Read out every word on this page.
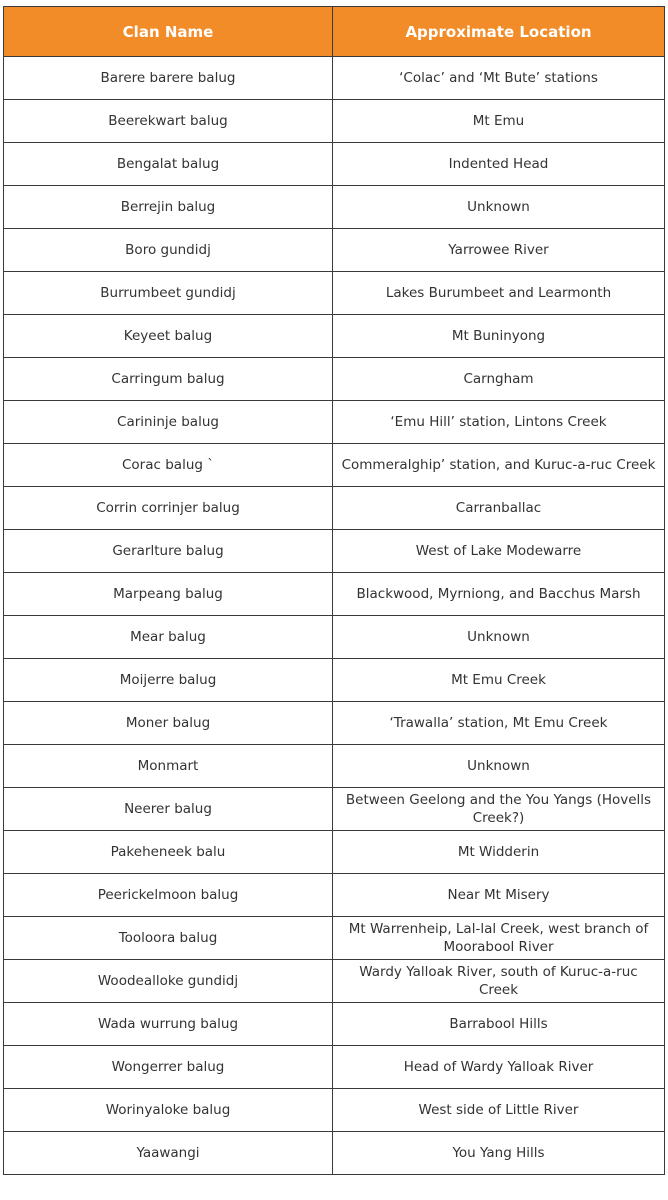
Clan Name	Approximate Location
Barere barere balug	‘Colac’ and ‘Mt Bute’ stations
Beerekwart balug	Mt Emu
Bengalat balug	Indented Head
Berrejin balug	Unknown
Boro gundidj	Yarrowee River
Burrumbeet gundidj	Lakes Burumbeet and Learmonth
Keyeet balug	Mt Buninyong
Carringum balug	Carngham
Carininje balug	‘Emu Hill’ station, Lintons Creek
Corac balug `	Commeralghip’ station, and Kuruc-a-ruc Creek
Corrin corrinjer balug	Carranballac
Gerarlture balug	West of Lake Modewarre
Marpeang balug	Blackwood, Myrniong, and Bacchus Marsh
Mear balug	Unknown
Moijerre balug	Mt Emu Creek
Moner balug	‘Trawalla’ station, Mt Emu Creek
Monmart	Unknown
Neerer balug	Between Geelong and the You Yangs (Hovells Creek?)
Pakeheneek balu	Mt Widderin
Peerickelmoon balug	Near Mt Misery
Tooloora balug	Mt Warrenheip, Lal-lal Creek, west branch of Moorabool River
Woodealloke gundidj	Wardy Yalloak River, south of Kuruc-a-ruc Creek
Wada wurrung balug	Barrabool Hills
Wongerrer balug	Head of Wardy Yalloak River
Worinyaloke balug	West side of Little River
Yaawangi	You Yang Hills
